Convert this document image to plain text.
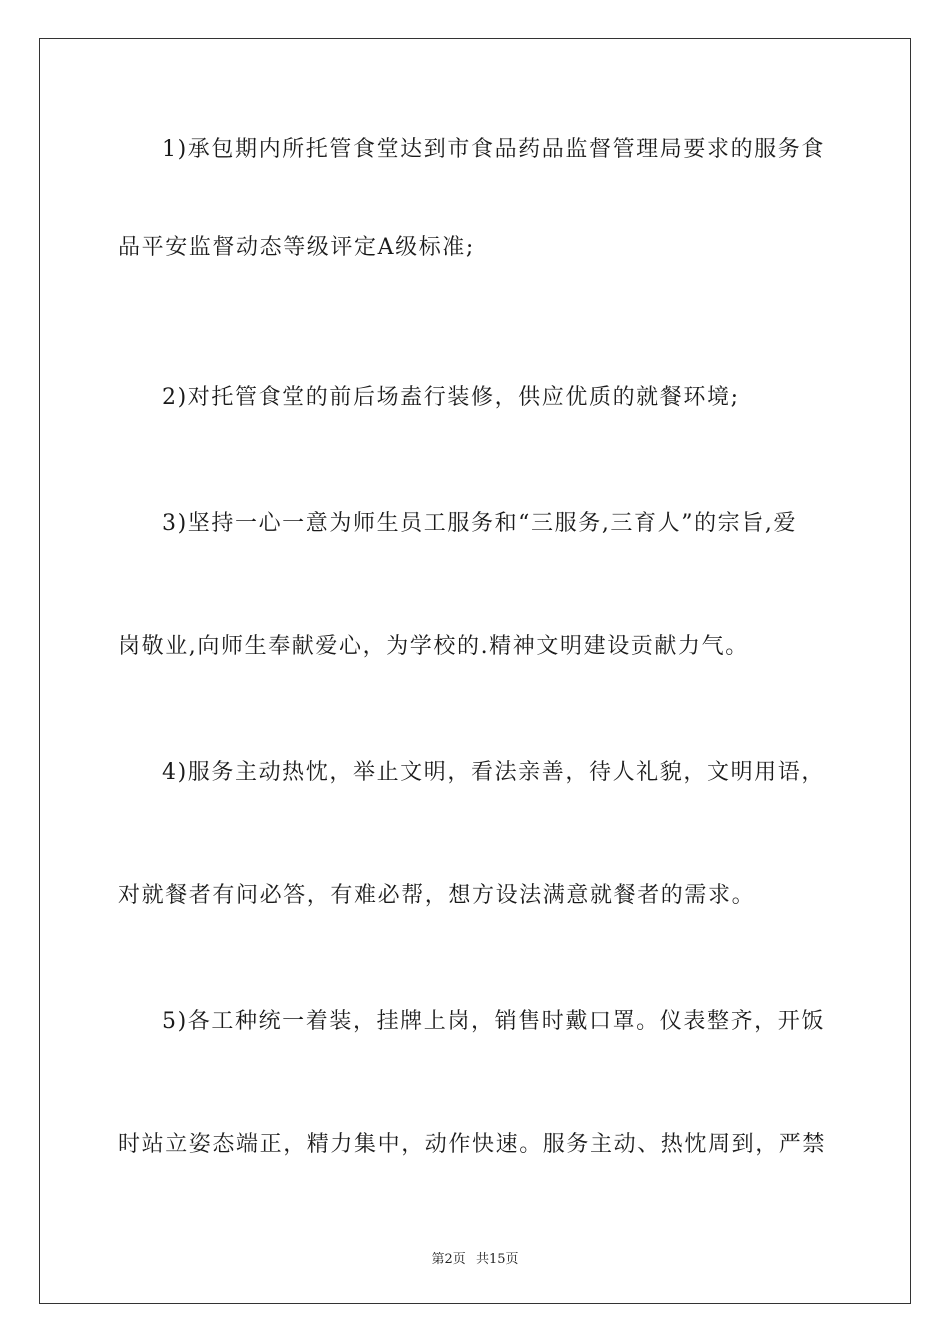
1)承包期内所托管食堂达到市食品药品监督管理局要求的服务食
品平安监督动态等级评定A级标准;
2)对托管食堂的前后场盍行装修，供应优质的就餐环境;
3)坚持一心一意为师生员工服务和“三服务,三育人”的宗旨,爱
岗敬业,向师生奉献爱心，为学校的.精神文明建设贡献力气。
4)服务主动热忱，举止文明，看法亲善，待人礼貌，文明用语，
对就餐者有问必答，有难必帮，想方设法满意就餐者的需求。
5)各工种统一着装，挂牌上岗，销售时戴口罩。仪表整齐，开饭
时站立姿态端正，精力集中，动作快速。服务主动、热忱周到，严禁
第2页 共15页
